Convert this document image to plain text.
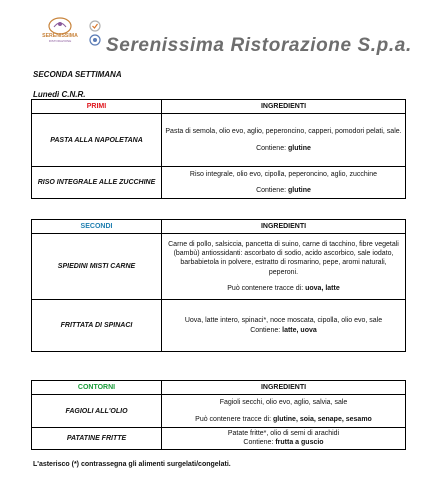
SERENISSIMA
RISTORAZIONE Serenissima Ristorazione S.p.a.
SECONDA SETTIMANA
Lunedì C.N.R.
PRIMI	INGREDIENTI
PASTA ALLA NAPOLETANA	Pasta di semola, olio evo, aglio, peperoncino, capperi, pomodori pelati, sale.
Contiene: glutine

RISO INTEGRALE ALLE ZUCCHINE	Riso integrale, olio evo, cipolla, peperoncino, aglio, zucchine
Contiene: glutine
SECONDI	INGREDIENTI
SPIEDINI MISTI CARNE	Carne di pollo, salsiccia, pancetta di suino, carne di tacchino, fibre vegetali (bambù) antiossidanti: ascorbato di sodio, acido ascorbico, sale iodato, barbabietola in polvere, estratto di rosmarino, pepe, aromi naturali, peperoni.
Può contenere tracce di: uova, latte

FRITTATA DI SPINACI	Uova, latte intero, spinaci*, noce moscata, cipolla, olio evo, sale
Contiene: latte, uova
CONTORNI	INGREDIENTI
FAGIOLI ALL'OLIO	Fagioli secchi, olio evo, aglio, salvia, sale
Può contenere tracce di: glutine, soia, senape, sesamo

PATATINE FRITTE	Patate fritte*, olio di semi di arachidi
Contiene: frutta a guscio
L'asterisco (*) contrassegna gli alimenti surgelati/congelati.
